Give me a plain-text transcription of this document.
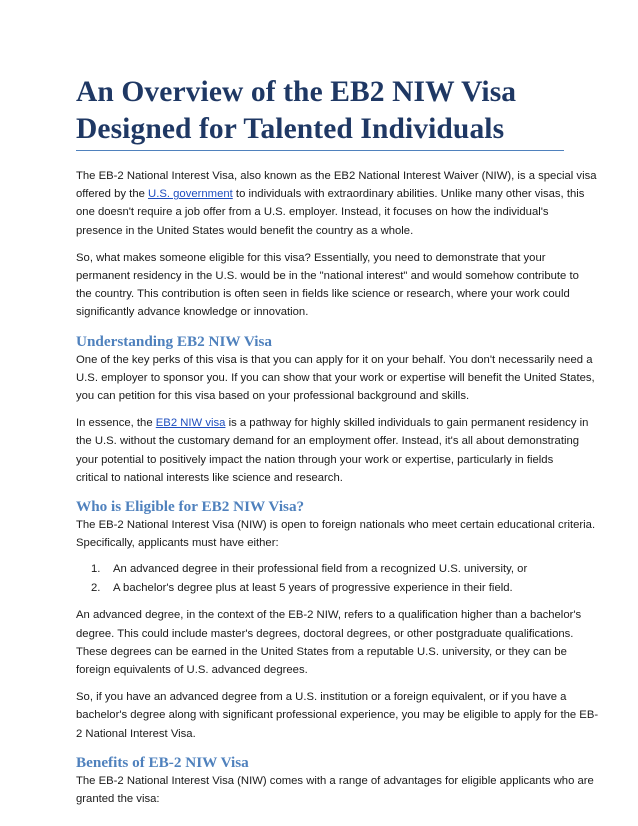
An Overview of the EB2 NIW Visa
Designed for Talented Individuals

The EB-2 National Interest Visa, also known as the EB2 National Interest Waiver (NIW), is a special visa
offered by the U.S. government to individuals with extraordinary abilities. Unlike many other visas, this
one doesn't require a job offer from a U.S. employer. Instead, it focuses on how the individual's
presence in the United States would benefit the country as a whole.

So, what makes someone eligible for this visa? Essentially, you need to demonstrate that your
permanent residency in the U.S. would be in the "national interest" and would somehow contribute to
the country. This contribution is often seen in fields like science or research, where your work could
significantly advance knowledge or innovation.

Understanding EB2 NIW Visa

One of the key perks of this visa is that you can apply for it on your behalf. You don't necessarily need a
U.S. employer to sponsor you. If you can show that your work or expertise will benefit the United States,
you can petition for this visa based on your professional background and skills.

In essence, the EB2 NIW visa is a pathway for highly skilled individuals to gain permanent residency in
the U.S. without the customary demand for an employment offer. Instead, it's all about demonstrating
your potential to positively impact the nation through your work or expertise, particularly in fields
critical to national interests like science and research.

Who is Eligible for EB2 NIW Visa?

The EB-2 National Interest Visa (NIW) is open to foreign nationals who meet certain educational criteria.
Specifically, applicants must have either:

1. An advanced degree in their professional field from a recognized U.S. university, or
2. A bachelor's degree plus at least 5 years of progressive experience in their field.

An advanced degree, in the context of the EB-2 NIW, refers to a qualification higher than a bachelor's
degree. This could include master's degrees, doctoral degrees, or other postgraduate qualifications.
These degrees can be earned in the United States from a reputable U.S. university, or they can be
foreign equivalents of U.S. advanced degrees.

So, if you have an advanced degree from a U.S. institution or a foreign equivalent, or if you have a
bachelor's degree along with significant professional experience, you may be eligible to apply for the EB-
2 National Interest Visa.

Benefits of EB-2 NIW Visa

The EB-2 National Interest Visa (NIW) comes with a range of advantages for eligible applicants who are
granted the visa:
